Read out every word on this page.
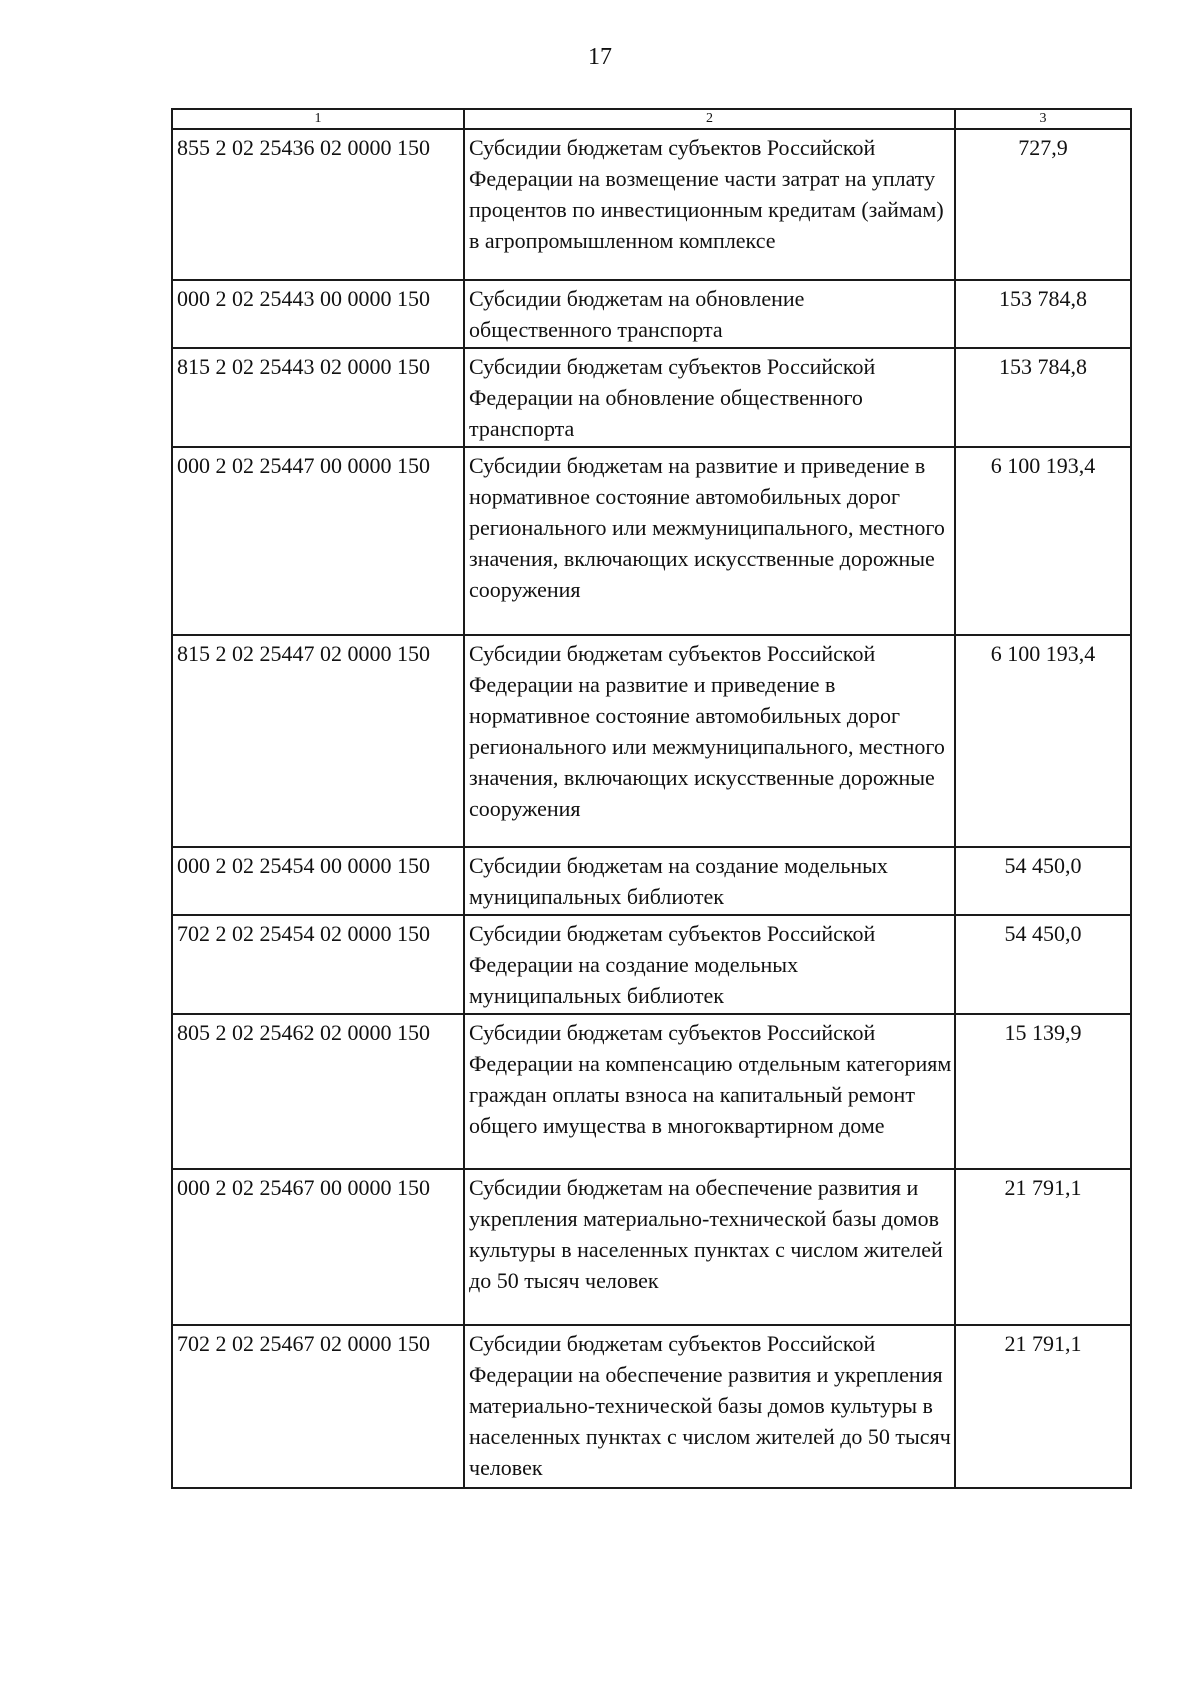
17
1	2	3
855 2 02 25436 02 0000 150	Субсидии бюджетам субъектов Российской Федерации на возмещение части затрат на уплату процентов по инвестиционным кредитам (займам) в агропромышленном комплексе	727,9
000 2 02 25443 00 0000 150	Субсидии бюджетам на обновление общественного транспорта	153 784,8
815 2 02 25443 02 0000 150	Субсидии бюджетам субъектов Российской Федерации на обновление общественного транспорта	153 784,8
000 2 02 25447 00 0000 150	Субсидии бюджетам на развитие и приведение в нормативное состояние автомобильных дорог регионального или межмуниципального, местного значения, включающих искусственные дорожные сооружения	6 100 193,4
815 2 02 25447 02 0000 150	Субсидии бюджетам субъектов Российской Федерации на развитие и приведение в нормативное состояние автомобильных дорог регионального или межмуниципального, местного значения, включающих искусственные дорожные сооружения	6 100 193,4
000 2 02 25454 00 0000 150	Субсидии бюджетам на создание модельных муниципальных библиотек	54 450,0
702 2 02 25454 02 0000 150	Субсидии бюджетам субъектов Российской Федерации на создание модельных муниципальных библиотек	54 450,0
805 2 02 25462 02 0000 150	Субсидии бюджетам субъектов Российской Федерации на компенсацию отдельным категориям граждан оплаты взноса на капитальный ремонт общего имущества в многоквартирном доме	15 139,9
000 2 02 25467 00 0000 150	Субсидии бюджетам на обеспечение развития и укрепления материально-технической базы домов культуры в населенных пунктах с числом жителей до 50 тысяч человек	21 791,1
702 2 02 25467 02 0000 150	Субсидии бюджетам субъектов Российской Федерации на обеспечение развития и укрепления материально-технической базы домов культуры в населенных пунктах с числом жителей до 50 тысяч человек	21 791,1
